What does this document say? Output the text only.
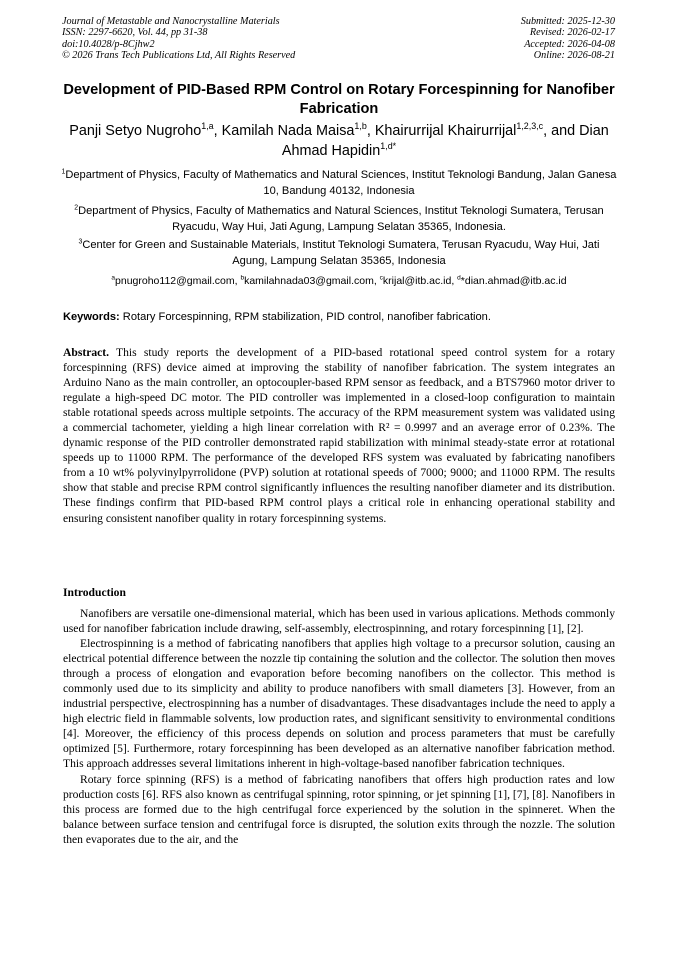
Journal of Metastable and Nanocrystalline Materials
ISSN: 2297-6620, Vol. 44, pp 31-38
doi:10.4028/p-8Cjhw2
© 2026 Trans Tech Publications Ltd, All Rights Reserved
Submitted: 2025-12-30
Revised: 2026-02-17
Accepted: 2026-04-08
Online: 2026-08-21
Development of PID-Based RPM Control on Rotary Forcespinning for Nanofiber Fabrication
Panji Setyo Nugroho$^{1,a}$, Kamilah Nada Maisa$^{1,b}$, Khairurrijal Khairurrijal$^{1,2,3,c}$, and Dian Ahmad Hapidin$^{1,d*}$
$^1$Department of Physics, Faculty of Mathematics and Natural Sciences, Institut Teknologi Bandung, Jalan Ganesa 10, Bandung 40132, Indonesia
$^2$Department of Physics, Faculty of Mathematics and Natural Sciences, Institut Teknologi Sumatera, Terusan Ryacudu, Way Hui, Jati Agung, Lampung Selatan 35365, Indonesia.
$^3$Center for Green and Sustainable Materials, Institut Teknologi Sumatera, Terusan Ryacudu, Way Hui, Jati Agung, Lampung Selatan 35365, Indonesia
$^a$pnugroho112@gmail.com, $^b$kamilahnada03@gmail.com, $^c$krijal@itb.ac.id, $^d$*dian.ahmad@itb.ac.id
Keywords: Rotary Forcespinning, RPM stabilization, PID control, nanofiber fabrication.
Abstract. This study reports the development of a PID-based rotational speed control system for a rotary forcespinning (RFS) device aimed at improving the stability of nanofiber fabrication. The system integrates an Arduino Nano as the main controller, an optocoupler-based RPM sensor as feedback, and a BTS7960 motor driver to regulate a high-speed DC motor. The PID controller was implemented in a closed-loop configuration to maintain stable rotational speeds across multiple setpoints. The accuracy of the RPM measurement system was validated using a commercial tachometer, yielding a high linear correlation with R² = 0.9997 and an average error of 0.23%. The dynamic response of the PID controller demonstrated rapid stabilization with minimal steady-state error at rotational speeds up to 11000 RPM. The performance of the developed RFS system was evaluated by fabricating nanofibers from a 10 wt% polyvinylpyrrolidone (PVP) solution at rotational speeds of 7000; 9000; and 11000 RPM. The results show that stable and precise RPM control significantly influences the resulting nanofiber diameter and its distribution. These findings confirm that PID-based RPM control plays a critical role in enhancing operational stability and ensuring consistent nanofiber quality in rotary forcespinning systems.
Introduction

Nanofibers are versatile one-dimensional material, which has been used in various aplications. Methods commonly used for nanofiber fabrication include drawing, self-assembly, electrospinning, and rotary forcespinning [1], [2].

Electrospinning is a method of fabricating nanofibers that applies high voltage to a precursor solution, causing an electrical potential difference between the nozzle tip containing the solution and the collector. The solution then moves through a process of elongation and evaporation before becoming nanofibers on the collector. This method is commonly used due to its simplicity and ability to produce nanofibers with small diameters [3]. However, from an industrial perspective, electrospinning has a number of disadvantages. These disadvantages include the need to apply a high electric field in flammable solvents, low production rates, and significant sensitivity to environmental conditions [4]. Moreover, the efficiency of this process depends on solution and process parameters that must be carefully optimized [5]. Furthermore, rotary forcespinning has been developed as an alternative nanofiber fabrication method. This approach addresses several limitations inherent in high-voltage-based nanofiber fabrication techniques.

Rotary force spinning (RFS) is a method of fabricating nanofibers that offers high production rates and low production costs [6]. RFS also known as centrifugal spinning, rotor spinning, or jet spinning [1], [7], [8]. Nanofibers in this process are formed due to the high centrifugal force experienced by the solution in the spinneret. When the balance between surface tension and centrifugal force is disrupted, the solution exits through the nozzle. The solution then evaporates due to the air, and the
